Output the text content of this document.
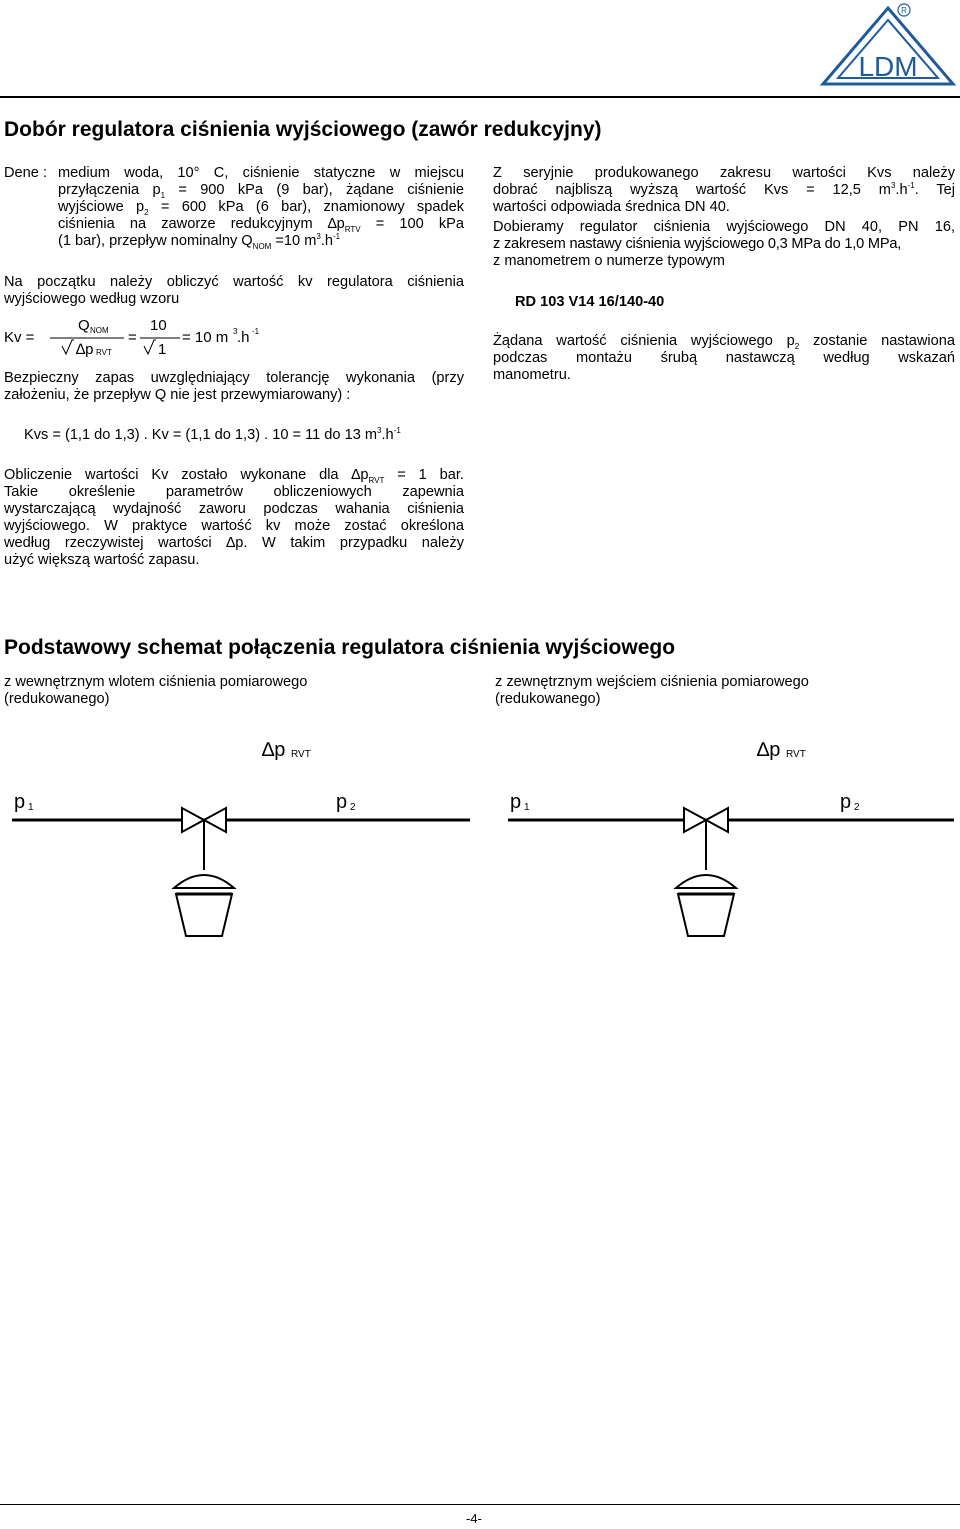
LDM
R
Dobór regulatora ciśnienia wyjściowego (zawór redukcyjny)
Dene : medium woda, 10° C, ciśnienie statyczne w miejscu
przyłączenia $p_1 = 900$ kPa (9 bar), żądane ciśnienie
wyjściowe $p_2 = 600$ kPa (6 bar), znamionowy spadek
ciśnienia na zaworze redukcyjnym $\Delta p_{RTV} = 100$ kPa
(1 bar), przepływ nominalny $Q_{NOM} =10$ $m^3.h^{-1}$
Na początku należy obliczyć wartość kv regulatora ciśnienia
wyjściowego według wzoru
Kv =
Q NOM
∆p RVT
=
10
1
= 10 m 3 .h -1
Bezpieczny zapas uwzględniający tolerancję wykonania (przy
założeniu, że przepływ Q nie jest przewymiarowany) :
Kvs = (1,1 do 1,3) . Kv = (1,1 do 1,3) . 10 = 11 do 13 $m^3.h^{-1}$
Obliczenie wartości Kv zostało wykonane dla $\Delta p_{RVT} = 1$ bar.
Takie określenie parametrów obliczeniowych zapewnia
wystarczającą wydajność zaworu podczas wahania ciśnienia
wyjściowego. W praktyce wartość kv może zostać określona
według rzeczywistej wartości ∆p. W takim przypadku należy
użyć większą wartość zapasu.
Z seryjnie produkowanego zakresu wartości Kvs należy
dobrać najbliszą wyższą wartość Kvs = 12,5 $m^3.h^{-1}$. Tej
wartości odpowiada średnica DN 40.
Dobieramy regulator ciśnienia wyjściowego DN 40, PN 16,
z zakresem nastawy ciśnienia wyjściowego 0,3 MPa do 1,0 MPa,
z manometrem o numerze typowym
RD 103 V14 16/140-40
Żądana wartość ciśnienia wyjściowego $p_2$ zostanie nastawiona
podczas montażu śrubą nastawczą według wskazań
manometru.
Podstawowy schemat połączenia regulatora ciśnienia wyjściowego
z wewnętrznym wlotem ciśnienia pomiarowego
(redukowanego)
z zewnętrznym wejściem ciśnienia pomiarowego
(redukowanego)
∆p RVT
p 1	p 2
∆p RVT
p 1	p 2
-4-
